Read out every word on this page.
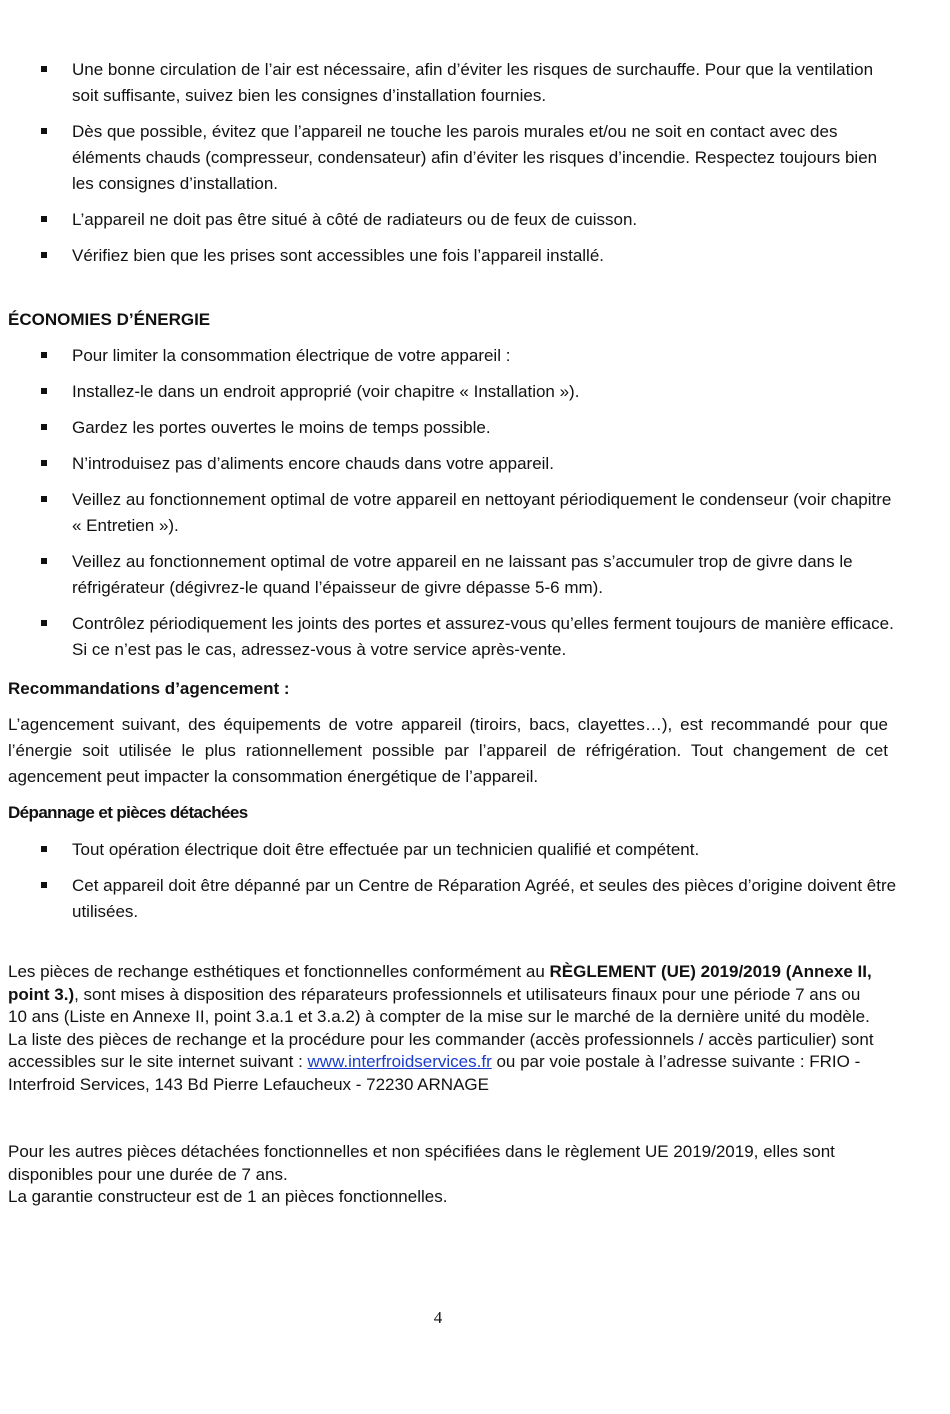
Une bonne circulation de l’air est nécessaire, afin d’éviter les risques de surchauffe. Pour que la ventilation soit suffisante, suivez bien les consignes d’installation fournies.
Dès que possible, évitez que l’appareil ne touche les parois murales et/ou ne soit en contact avec des éléments chauds (compresseur, condensateur) afin d’éviter les risques d’incendie. Respectez toujours bien les consignes d’installation.
L’appareil ne doit pas être situé à côté de radiateurs ou de feux de cuisson.
Vérifiez bien que les prises sont accessibles une fois l’appareil installé.
ÉCONOMIES D’ÉNERGIE
Pour limiter la consommation électrique de votre appareil :
Installez-le dans un endroit approprié (voir chapitre « Installation »).
Gardez les portes ouvertes le moins de temps possible.
N’introduisez pas d’aliments encore chauds dans votre appareil.
Veillez au fonctionnement optimal de votre appareil en nettoyant périodiquement le condenseur (voir chapitre « Entretien »).
Veillez au fonctionnement optimal de votre appareil en ne laissant pas s’accumuler trop de givre dans le réfrigérateur (dégivrez-le quand l’épaisseur de givre dépasse 5-6 mm).
Contrôlez périodiquement les joints des portes et assurez-vous qu’elles ferment toujours de manière efficace. Si ce n’est pas le cas, adressez-vous à votre service après-vente.
Recommandations d’agencement :

L’agencement suivant, des équipements de votre appareil (tiroirs, bacs, clayettes…), est recommandé pour que l’énergie soit utilisée le plus rationnellement possible par l’appareil de réfrigération. Tout changement de cet agencement peut impacter la consommation énergétique de l’appareil.

Dépannage et pièces détachées
Tout opération électrique doit être effectuée par un technicien qualifié et compétent.
Cet appareil doit être dépanné par un Centre de Réparation Agréé, et seules des pièces d’origine doivent être utilisées.

Les pièces de rechange esthétiques et fonctionnelles conformément au RÈGLEMENT (UE) 2019/2019 (Annexe II, point 3.), sont mises à disposition des réparateurs professionnels et utilisateurs finaux pour une période 7 ans ou 10 ans (Liste en Annexe II, point 3.a.1 et 3.a.2) à compter de la mise sur le marché de la dernière unité du modèle. La liste des pièces de rechange et la procédure pour les commander (accès professionnels / accès particulier) sont accessibles sur le site internet suivant : www.interfroidservices.fr ou par voie postale à l’adresse suivante : FRIO - Interfroid Services, 143 Bd Pierre Lefaucheux - 72230 ARNAGE

Pour les autres pièces détachées fonctionnelles et non spécifiées dans le règlement UE 2019/2019, elles sont disponibles pour une durée de 7 ans.
La garantie constructeur est de 1 an pièces fonctionnelles.

4
